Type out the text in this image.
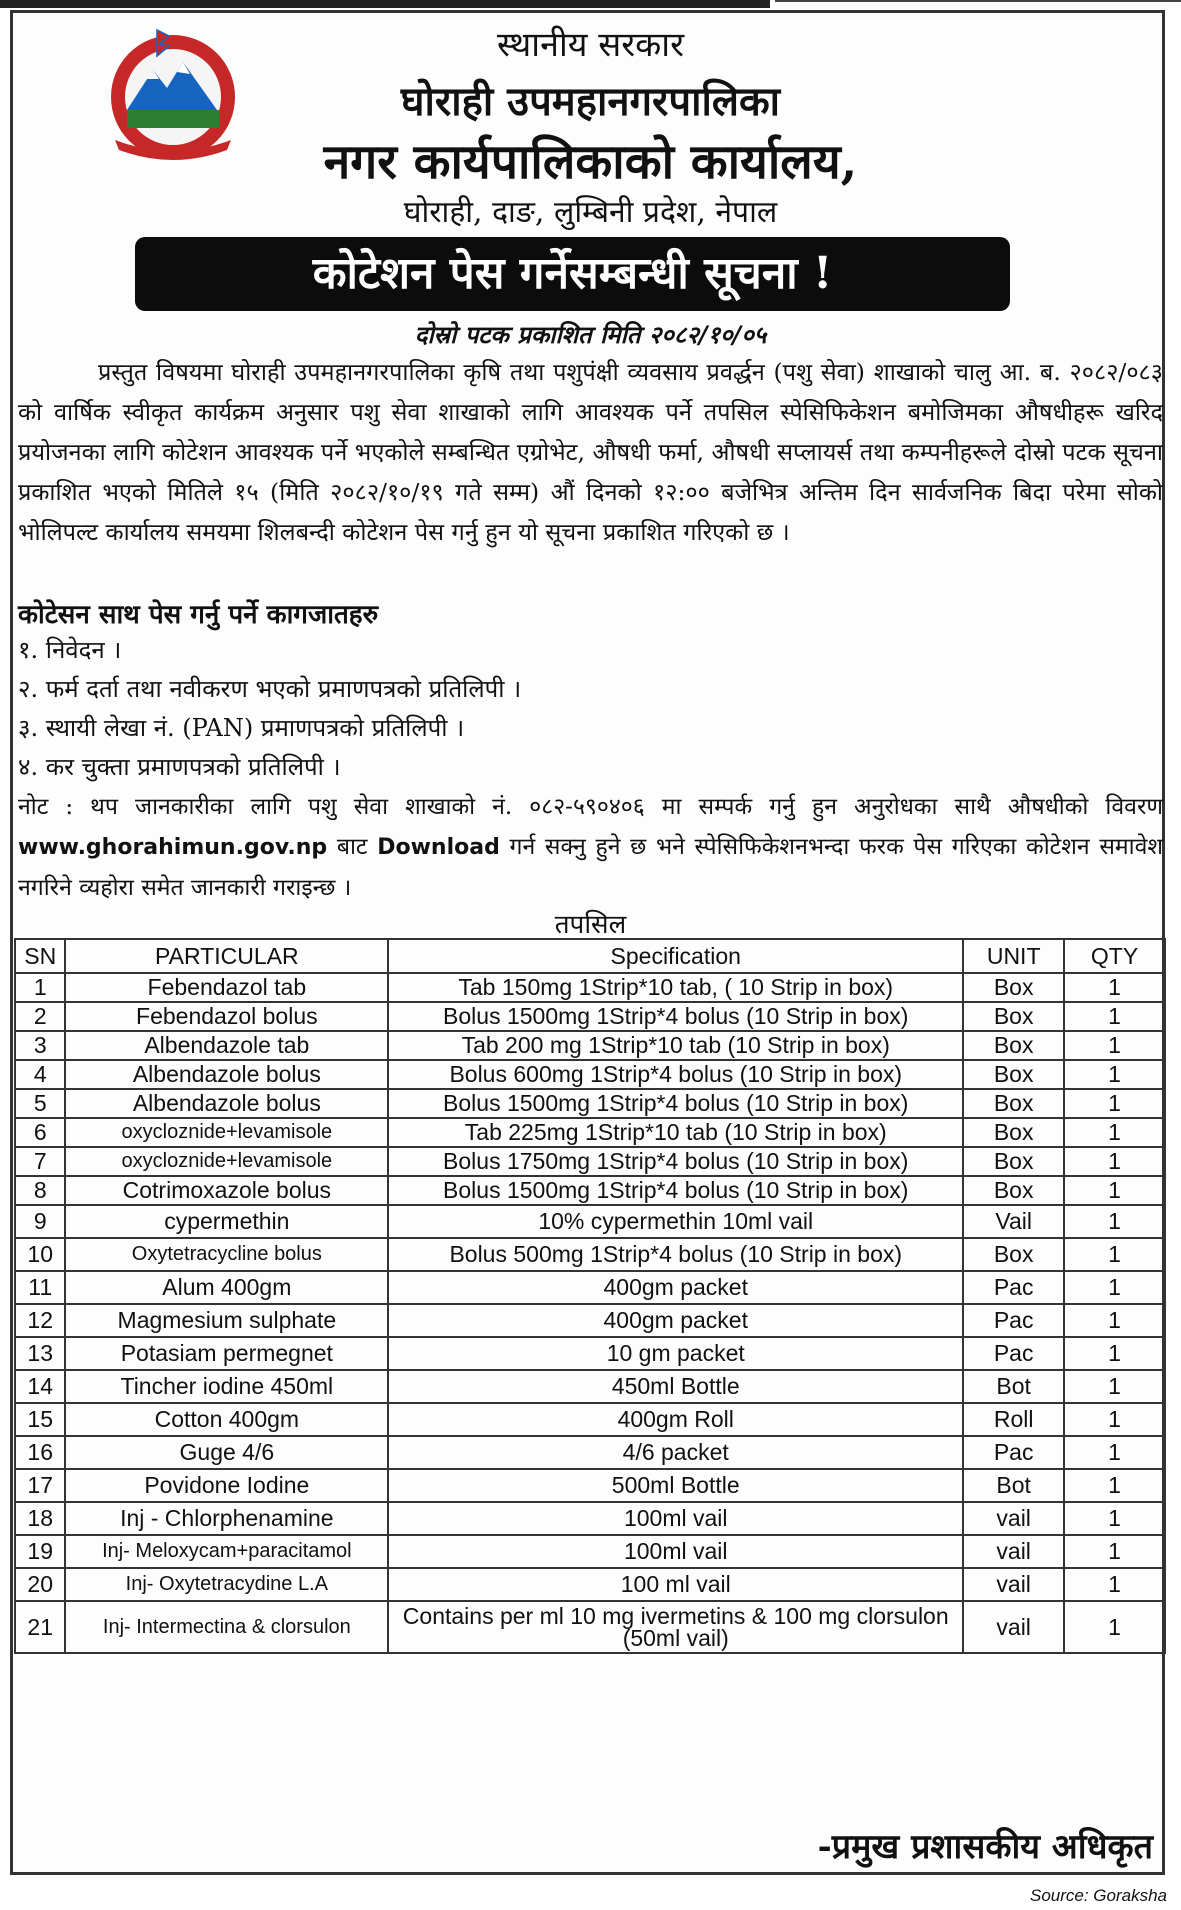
स्थानीय सरकार
घोराही उपमहानगरपालिका
नगर कार्यपालिकाको कार्यालय,
घोराही, दाङ, लुम्बिनी प्रदेश, नेपाल
कोटेशन पेस गर्नेसम्बन्धी सूचना !
दोस्रो पटक प्रकाशित मिति २०८२/१०/०५
प्रस्तुत विषयमा घोराही उपमहानगरपालिका कृषि तथा पशुपंक्षी व्यवसाय प्रवर्द्धन (पशु सेवा) शाखाको चालु आ. ब. २०८२/०८३ को वार्षिक स्वीकृत कार्यक्रम अनुसार पशु सेवा शाखाको लागि आवश्यक पर्ने तपसिल स्पेसिफिकेशन बमोजिमका औषधीहरू खरिद प्रयोजनका लागि कोटेशन आवश्यक पर्ने भएकोले सम्बन्धित एग्रोभेट, औषधी फर्मा, औषधी सप्लायर्स तथा कम्पनीहरूले दोस्रो पटक सूचना प्रकाशित भएको मितिले १५ (मिति २०८२/१०/१९ गते सम्म) औं दिनको १२:०० बजेभित्र अन्तिम दिन सार्वजनिक बिदा परेमा सोको भोलिपल्ट कार्यालय समयमा शिलबन्दी कोटेशन पेस गर्नु हुन यो सूचना प्रकाशित गरिएको छ ।
कोटेसन साथ पेस गर्नु पर्ने कागजातहरु
१. निवेदन ।
२. फर्म दर्ता तथा नवीकरण भएको प्रमाणपत्रको प्रतिलिपी ।
३. स्थायी लेखा नं. (PAN) प्रमाणपत्रको प्रतिलिपी ।
४. कर चुक्ता प्रमाणपत्रको प्रतिलिपी ।
नोट : थप जानकारीका लागि पशु सेवा शाखाको नं. ०८२-५९०४०६ मा सम्पर्क गर्नु हुन अनुरोधका साथै औषधीको विवरण www.ghorahimun.gov.np बाट Download गर्न सक्नु हुने छ भने स्पेसिफिकेशनभन्दा फरक पेस गरिएका कोटेशन समावेश नगरिने व्यहोरा समेत जानकारी गराइन्छ ।
तपसिल
SN	PARTICULAR	Specification	UNIT	QTY
1	Febendazol tab	Tab 150mg 1Strip*10 tab, ( 10 Strip in box)	Box	1
2	Febendazol bolus	Bolus 1500mg 1Strip*4 bolus (10 Strip in box)	Box	1
3	Albendazole tab	Tab 200 mg 1Strip*10 tab (10 Strip in box)	Box	1
4	Albendazole bolus	Bolus 600mg 1Strip*4 bolus (10 Strip in box)	Box	1
5	Albendazole bolus	Bolus 1500mg 1Strip*4 bolus (10 Strip in box)	Box	1
6	oxycloznide+levamisole	Tab 225mg 1Strip*10 tab (10 Strip in box)	Box	1
7	oxycloznide+levamisole	Bolus 1750mg 1Strip*4 bolus (10 Strip in box)	Box	1
8	Cotrimoxazole bolus	Bolus 1500mg 1Strip*4 bolus (10 Strip in box)	Box	1
9	cypermethin	10% cypermethin 10ml vail	Vail	1
10	Oxytetracycline bolus	Bolus 500mg 1Strip*4 bolus (10 Strip in box)	Box	1
11	Alum 400gm	400gm packet	Pac	1
12	Magmesium sulphate	400gm packet	Pac	1
13	Potasiam permegnet	10 gm packet	Pac	1
14	Tincher iodine 450ml	450ml Bottle	Bot	1
15	Cotton 400gm	400gm Roll	Roll	1
16	Guge 4/6	4/6 packet	Pac	1
17	Povidone Iodine	500ml Bottle	Bot	1
18	Inj - Chlorphenamine	100ml vail	vail	1
19	Inj- Meloxycam+paracitamol	100ml vail	vail	1
20	Inj- Oxytetracydine L.A	100 ml vail	vail	1
21	Inj- Intermectina & clorsulon	Contains per ml 10 mg ivermetins & 100 mg clorsulon (50ml vail)	vail	1
-प्रमुख प्रशासकीय अधिकृत
Source: Goraksha
